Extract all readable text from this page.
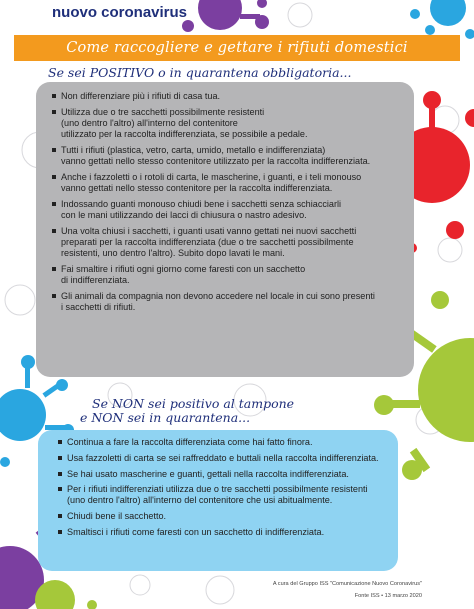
nuovo coronavirus
Come raccogliere e gettare i rifiuti domestici
Se sei POSITIVO o in quarantena obbligatoria...
Non differenziare più i rifiuti di casa tua.
Utilizza due o tre sacchetti possibilmente resistenti
(uno dentro l'altro) all'interno del contenitore
utilizzato per la raccolta indifferenziata, se possibile a pedale.
Tutti i rifiuti (plastica, vetro, carta, umido, metallo e indifferenziata)
vanno gettati nello stesso contenitore utilizzato per la raccolta indifferenziata.
Anche i fazzoletti o i rotoli di carta, le mascherine, i guanti, e i teli monouso
vanno gettati nello stesso contenitore per la raccolta indifferenziata.
Indossando guanti monouso chiudi bene i sacchetti senza schiacciarli
con le mani utilizzando dei lacci di chiusura o nastro adesivo.
Una volta chiusi i sacchetti, i guanti usati vanno gettati nei nuovi sacchetti
preparati per la raccolta indifferenziata (due o tre sacchetti possibilmente
resistenti, uno dentro l'altro). Subito dopo lavati le mani.
Fai smaltire i rifiuti ogni giorno come faresti con un sacchetto
di indifferenziata.
Gli animali da compagnia non devono accedere nel locale in cui sono presenti
i sacchetti di rifiuti.
Se NON sei positivo al tampone
e NON sei in quarantena...
Continua a fare la raccolta differenziata come hai fatto finora.
Usa fazzoletti di carta se sei raffreddato e buttali nella raccolta indifferenziata.
Se hai usato mascherine e guanti, gettali nella raccolta indifferenziata.
Per i rifiuti indifferenziati utilizza due o tre sacchetti possibilmente resistenti
(uno dentro l'altro) all'interno del contenitore che usi abitualmente.
Chiudi bene il sacchetto.
Smaltisci i rifiuti come faresti con un sacchetto di indifferenziata.
A cura del Gruppo ISS "Comunicazione Nuovo Coronavirus"
Fonte ISS • 13 marzo 2020
